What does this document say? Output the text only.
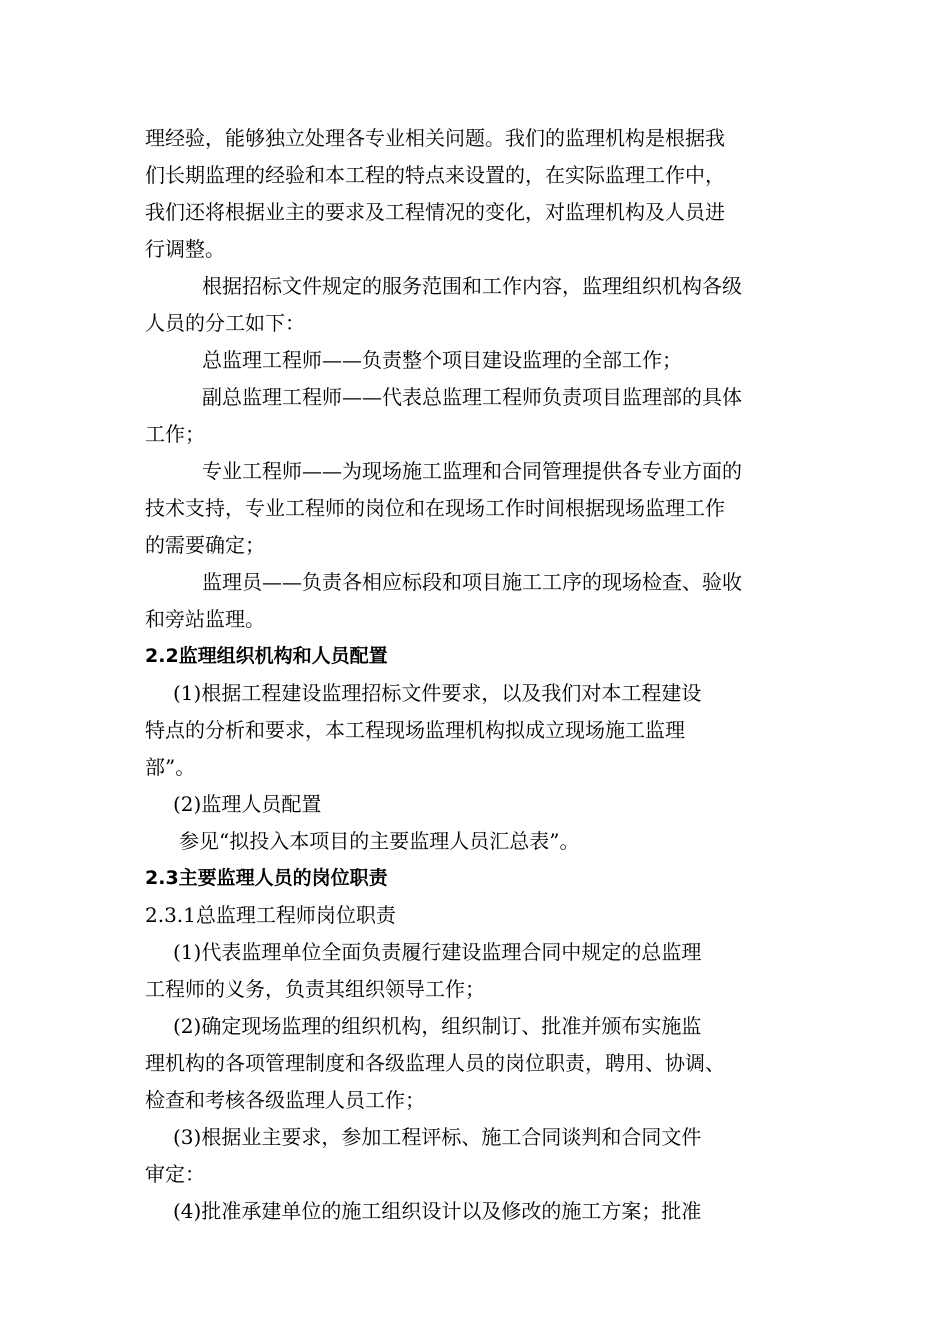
理经验，能够独立处理各专业相关问题。我们的监理机构是根据我
们长期监理的经验和本工程的特点来设置的，在实际监理工作中，
我们还将根据业主的要求及工程情况的变化，对监理机构及人员进
行调整。
根据招标文件规定的服务范围和工作内容，监理组织机构各级
人员的分工如下：
总监理工程师——负责整个项目建设监理的全部工作；
副总监理工程师——代表总监理工程师负责项目监理部的具体
工作；
专业工程师——为现场施工监理和合同管理提供各专业方面的
技术支持，专业工程师的岗位和在现场工作时间根据现场监理工作
的需要确定；
监理员——负责各相应标段和项目施工工序的现场检查、验收
和旁站监理。
2.2监理组织机构和人员配置
(1)根据工程建设监理招标文件要求，以及我们对本工程建设
特点的分析和要求，本工程现场监理机构拟成立现场施工监理
部”。
(2)监理人员配置
参见“拟投入本项目的主要监理人员汇总表”。
2.3主要监理人员的岗位职责
2.3.1总监理工程师岗位职责
(1)代表监理单位全面负责履行建设监理合同中规定的总监理
工程师的义务，负责其组织领导工作；
(2)确定现场监理的组织机构，组织制订、批准并颁布实施监
理机构的各项管理制度和各级监理人员的岗位职责，聘用、协调、
检查和考核各级监理人员工作；
(3)根据业主要求，参加工程评标、施工合同谈判和合同文件
审定：
(4)批准承建单位的施工组织设计以及修改的施工方案；批准
